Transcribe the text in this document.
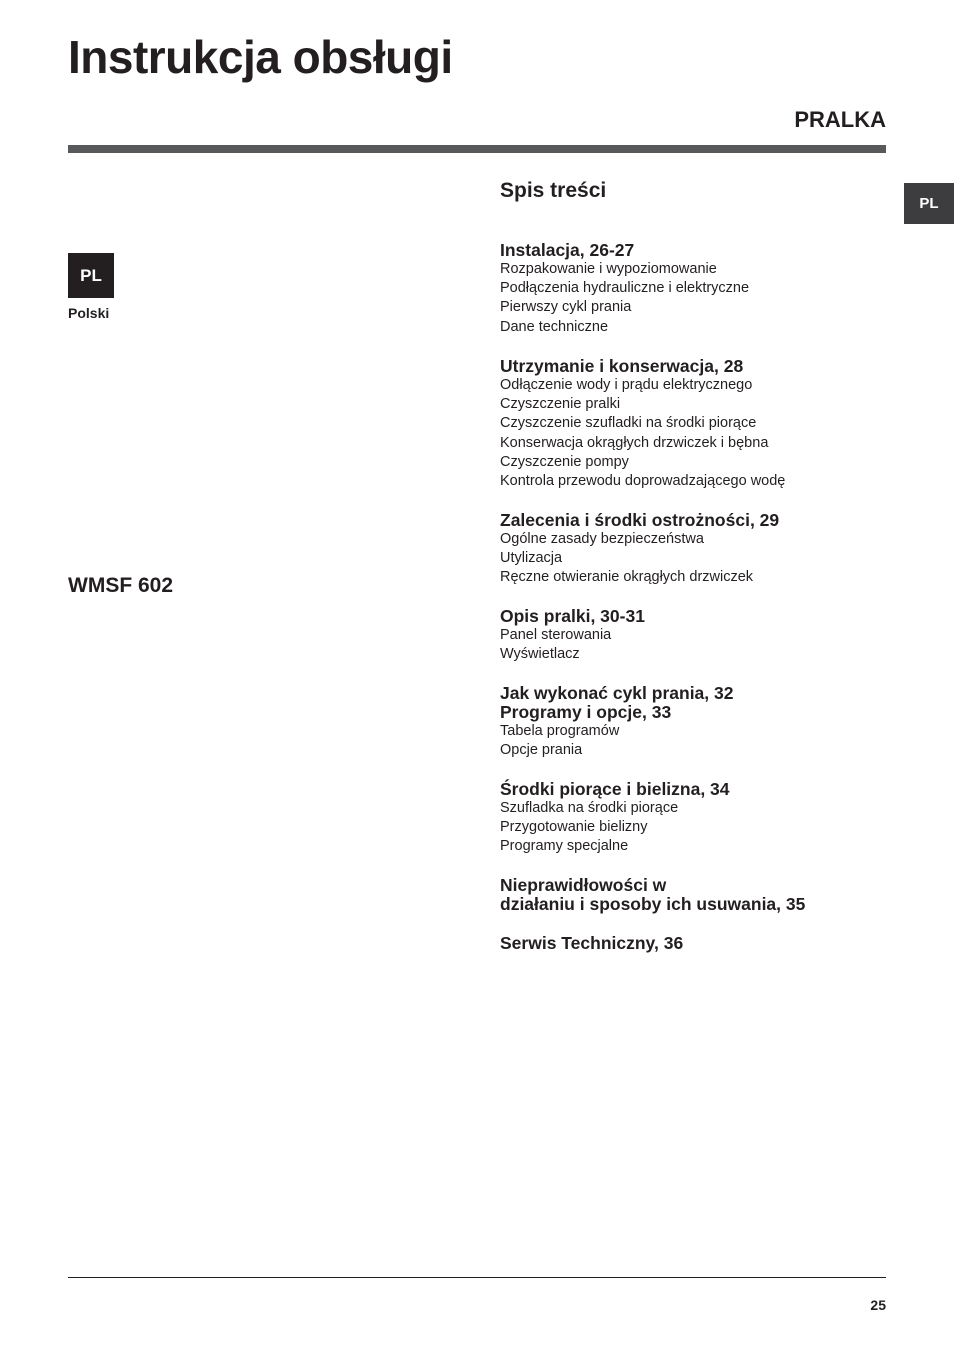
Instrukcja obsługi
PRALKA
PL
PL
Polski
WMSF 602
Spis treści
Instalacja, 26-27
Rozpakowanie i wypoziomowanie
Podłączenia hydrauliczne i elektryczne
Pierwszy cykl prania
Dane techniczne
Utrzymanie i konserwacja, 28
Odłączenie wody i prądu elektrycznego
Czyszczenie pralki
Czyszczenie szufladki na środki piorące
Konserwacja okrągłych drzwiczek i bębna
Czyszczenie pompy
Kontrola przewodu doprowadzającego wodę
Zalecenia i środki ostrożności, 29
Ogólne zasady bezpieczeństwa
Utylizacja
Ręczne otwieranie okrągłych drzwiczek
Opis pralki, 30-31
Panel sterowania
Wyświetlacz
Jak wykonać cykl prania, 32
Programy i opcje, 33
Tabela programów
Opcje prania
Środki piorące i bielizna, 34
Szufladka na środki piorące
Przygotowanie bielizny
Programy specjalne
Nieprawidłowości w
działaniu i sposoby ich usuwania, 35
Serwis Techniczny, 36
25
